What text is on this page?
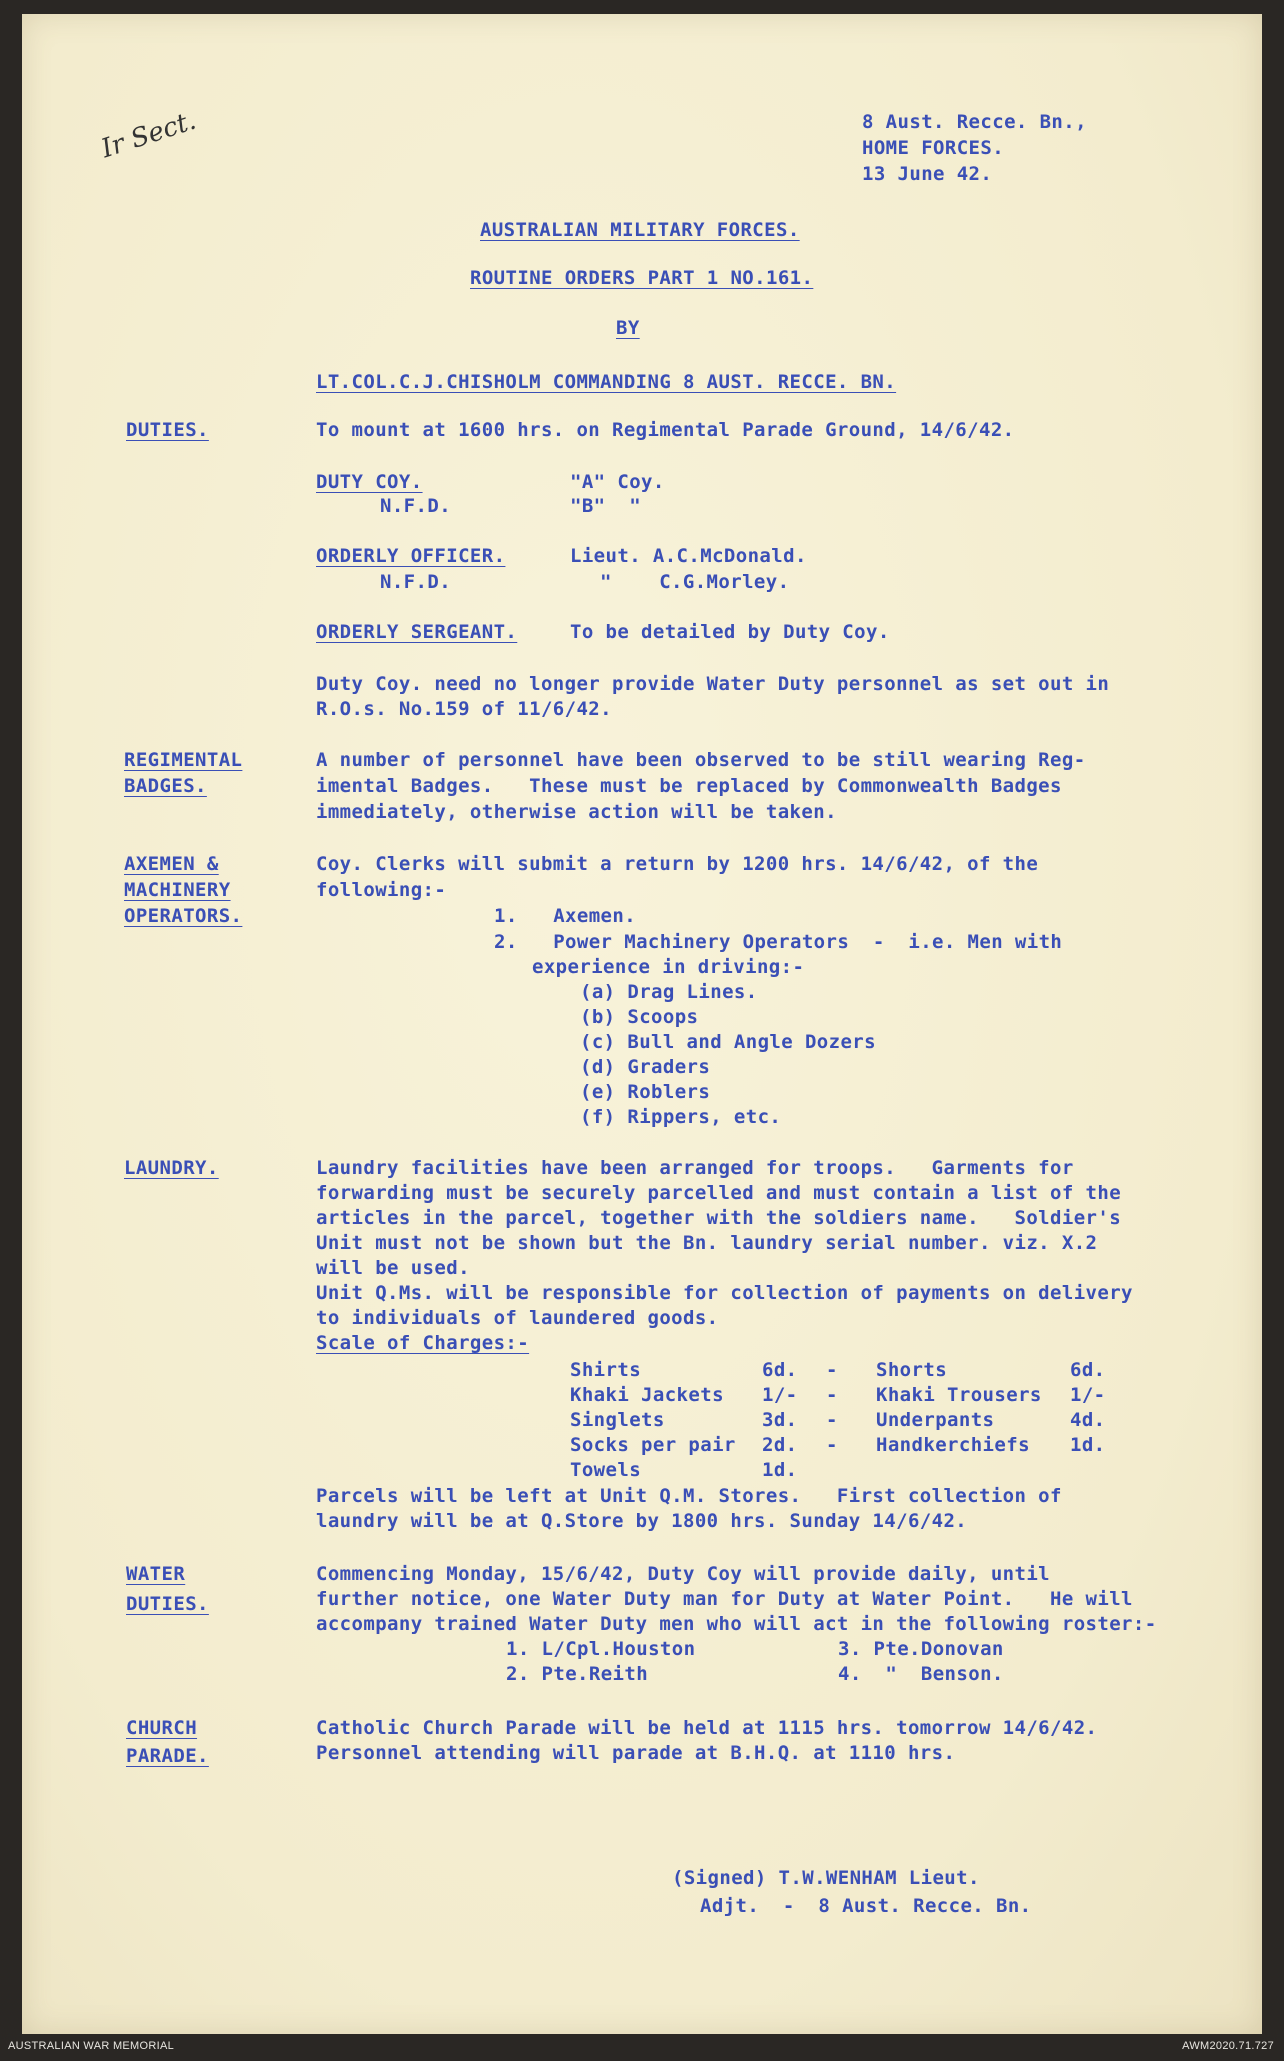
Ir Sect.	8 Aust. Recce. Bn.,
HOME FORCES.
13 June 42.
AUSTRALIAN MILITARY FORCES.
ROUTINE ORDERS PART 1 NO.161.
BY
LT.COL.C.J.CHISHOLM COMMANDING 8 AUST. RECCE. BN.
DUTIES.	To mount at 1600 hrs. on Regimental Parade Ground, 14/6/42.
DUTY COY.	"A" Coy.
N.F.D.	"B"  "
ORDERLY OFFICER.	Lieut. A.C.McDonald.
N.F.D.	"    C.G.Morley.
ORDERLY SERGEANT.	To be detailed by Duty Coy.
Duty Coy. need no longer provide Water Duty personnel as set out in
R.O.s. No.159 of 11/6/42.
REGIMENTAL
BADGES.
A number of personnel have been observed to be still wearing Reg-
imental Badges.   These must be replaced by Commonwealth Badges
immediately, otherwise action will be taken.
AXEMEN &
MACHINERY
OPERATORS.
Coy. Clerks will submit a return by 1200 hrs. 14/6/42, of the
following:-
1.   Axemen.
2.   Power Machinery Operators  -  i.e. Men with
experience in driving:-
(a) Drag Lines.
(b) Scoops
(c) Bull and Angle Dozers
(d) Graders
(e) Roblers
(f) Rippers, etc.
LAUNDRY.	Laundry facilities have been arranged for troops.   Garments for
forwarding must be securely parcelled and must contain a list of the
articles in the parcel, together with the soldiers name.   Soldier's
Unit must not be shown but the Bn. laundry serial number. viz. X.2
will be used.
Unit Q.Ms. will be responsible for collection of payments on delivery
to individuals of laundered goods.
Scale of Charges:-
Shirts	6d. - Shorts	6d.
Khaki Jackets 1/- - Khaki Trousers 1/-
Singlets	3d. - Underpants	4d.
Socks per pair 2d. - Handkerchiefs 1d.
Towels	1d.
Parcels will be left at Unit Q.M. Stores.   First collection of
laundry will be at Q.Store by 1800 hrs. Sunday 14/6/42.
WATER
DUTIES.
Commencing Monday, 15/6/42, Duty Coy will provide daily, until
further notice, one Water Duty man for Duty at Water Point.   He will
accompany trained Water Duty men who will act in the following roster:-
1. L/Cpl.Houston
2. Pte.Reith
3. Pte.Donovan
4.  "  Benson.
CHURCH
PARADE.
Catholic Church Parade will be held at 1115 hrs. tomorrow 14/6/42.
Personnel attending will parade at B.H.Q. at 1110 hrs.
(Signed) T.W.WENHAM Lieut.
Adjt.  -  8 Aust. Recce. Bn.
AUSTRALIAN WAR MEMORIAL	AWM2020.71.727
